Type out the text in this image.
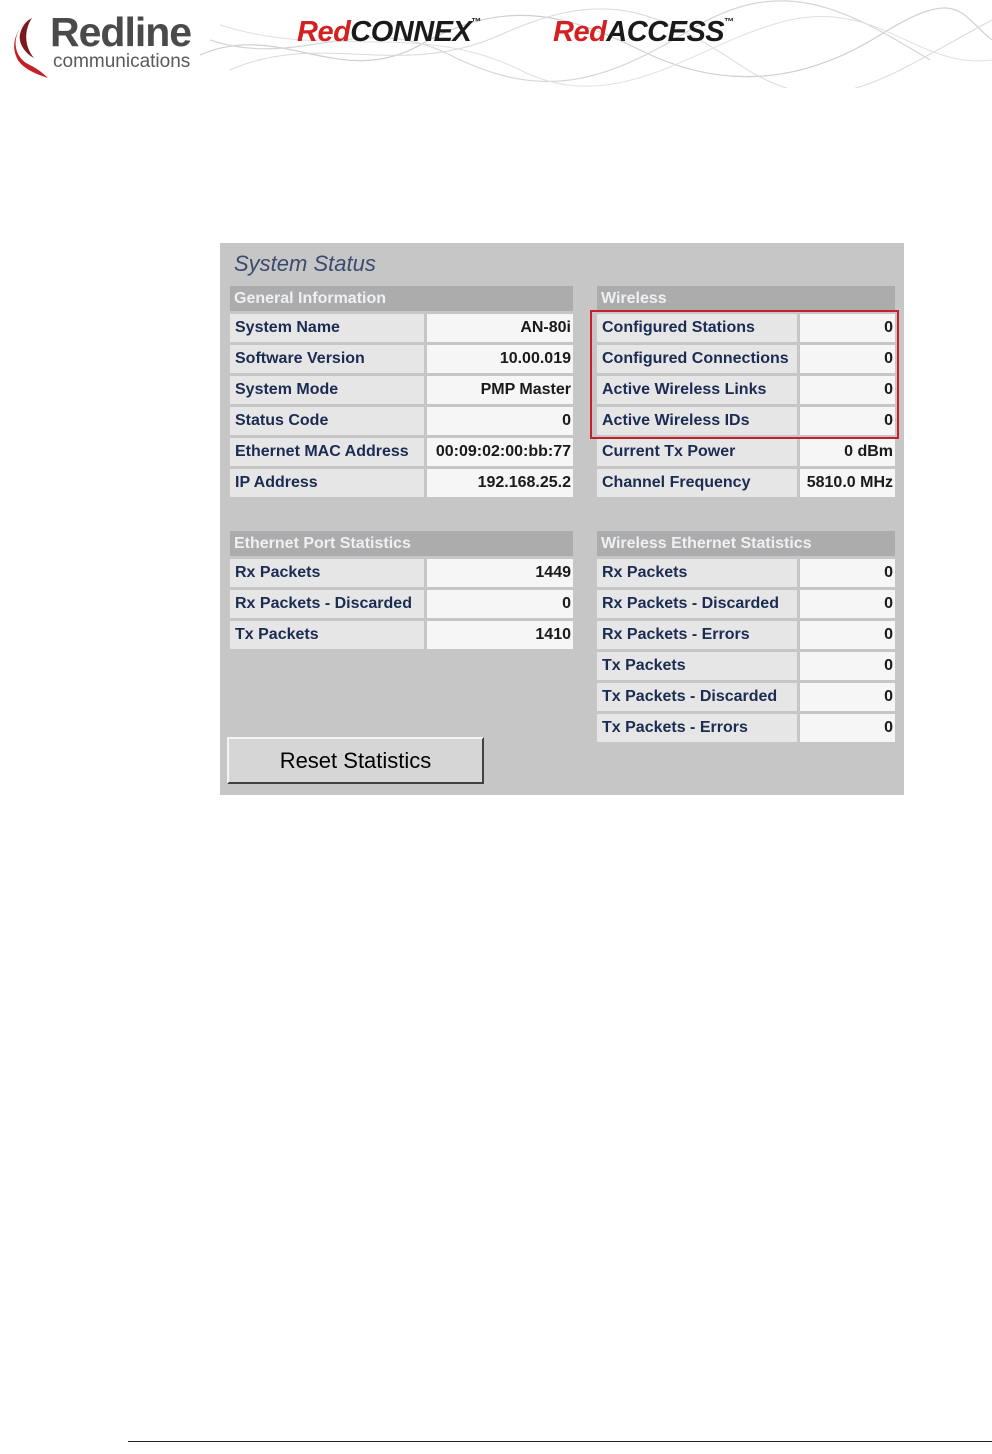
Redline
communications
RedCONNEX™ RedACCESS™
System Status
General Information	
System Name	AN-80i
Software Version	10.00.019
System Mode	PMP Master
Status Code	0
Ethernet MAC Address	00:09:02:00:bb:77
IP Address	192.168.25.2
Wireless	
Configured Stations	0
Configured Connections	0
Active Wireless Links	0
Active Wireless IDs	0
Current Tx Power	0 dBm
Channel Frequency	5810.0 MHz
Ethernet Port Statistics	
Rx Packets	1449
Rx Packets - Discarded	0
Tx Packets	1410
Wireless Ethernet Statistics	
Rx Packets	0
Rx Packets - Discarded	0
Rx Packets - Errors	0
Tx Packets	0
Tx Packets - Discarded	0
Tx Packets - Errors	0
Reset Statistics
